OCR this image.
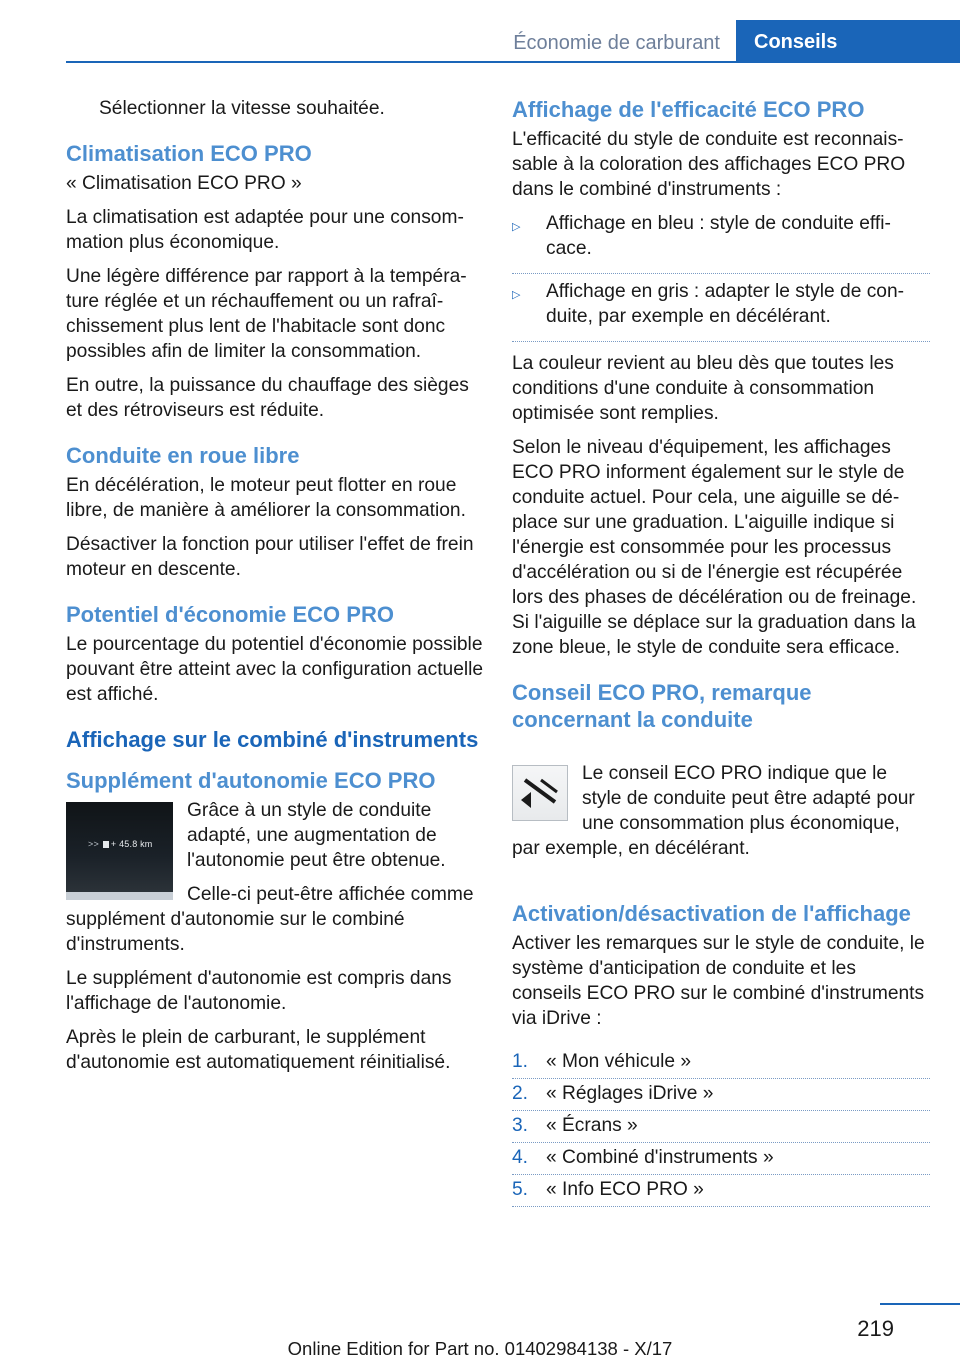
Économie de carburant	Conseils

Sélectionner la vitesse souhaitée.

Climatisation ECO PRO

« Climatisation ECO PRO »

La climatisation est adaptée pour une consommation plus économique.

Une légère différence par rapport à la température réglée et un réchauffement ou un rafraîchissement plus lent de l'habitacle sont donc possibles afin de limiter la consommation.

En outre, la puissance du chauffage des sièges et des rétroviseurs est réduite.

Conduite en roue libre

En décélération, le moteur peut flotter en roue libre, de manière à améliorer la consommation.

Désactiver la fonction pour utiliser l'effet de frein moteur en descente.

Potentiel d'économie ECO PRO

Le pourcentage du potentiel d'économie possible pouvant être atteint avec la configuration actuelle est affiché.

Affichage sur le combiné d'instruments
Supplément d'autonomie ECO PRO
>> + 45.8 km

Grâce à un style de conduite adapté, une augmentation de l'autonomie peut être obtenue.

Celle-ci peut-être affichée comme supplément d'autonomie sur le combiné d'instruments.

Le supplément d'autonomie est compris dans l'affichage de l'autonomie.

Après le plein de carburant, le supplément d'autonomie est automatiquement réinitialisé.

Affichage de l'efficacité ECO PRO

L'efficacité du style de conduite est reconnaissable à la coloration des affichages ECO PRO dans le combiné d'instruments :

▷ Affichage en bleu : style de conduite efficace.
▷ Affichage en gris : adapter le style de conduite, par exemple en décélérant.

La couleur revient au bleu dès que toutes les conditions d'une conduite à consommation optimisée sont remplies.

Selon le niveau d'équipement, les affichages ECO PRO informent également sur le style de conduite actuel. Pour cela, une aiguille se déplace sur une graduation. L'aiguille indique si l'énergie est consommée pour les processus d'accélération ou si de l'énergie est récupérée lors des phases de décélération ou de freinage. Si l'aiguille se déplace sur la graduation dans la zone bleue, le style de conduite sera efficace.

Conseil ECO PRO, remarque concernant la conduite

Le conseil ECO PRO indique que le style de conduite peut être adapté pour une consommation plus économique, par exemple, en décélérant.

Activation/désactivation de l'affichage

Activer les remarques sur le style de conduite, le système d'anticipation de conduite et les conseils ECO PRO sur le combiné d'instruments via iDrive :

1. « Mon véhicule »
2. « Réglages iDrive »
3. « Écrans »
4. « Combiné d'instruments »
5. « Info ECO PRO »
219
Online Edition for Part no. 01402984138 - X/17
